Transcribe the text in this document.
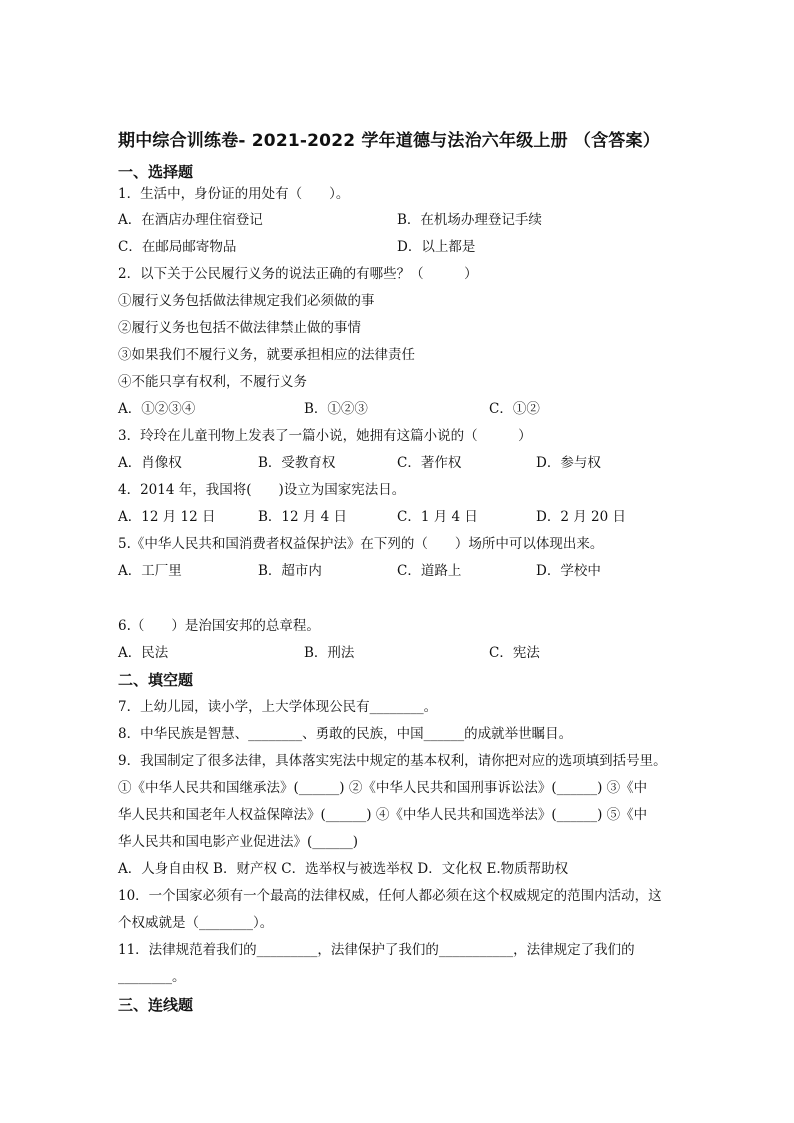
期中综合训练卷- 2021-2022 学年道德与法治六年级上册 （含答案）
一、选择题
1．生活中，身份证的用处有（　　）。
A．在酒店办理住宿登记	B．在机场办理登记手续
C．在邮局邮寄物品	D．以上都是
2．以下关于公民履行义务的说法正确的有哪些？（　　　）
①履行义务包括做法律规定我们必须做的事
②履行义务也包括不做法律禁止做的事情
③如果我们不履行义务，就要承担相应的法律责任
④不能只享有权利，不履行义务
A．①②③④	B．①②③	C．①②
3．玲玲在儿童刊物上发表了一篇小说，她拥有这篇小说的（　　　）
A．肖像权	B．受教育权	C．著作权	D．参与权
4．2014 年，我国将(　　)设立为国家宪法日。
A．12 月 12 日	B．12 月 4 日	C．1 月 4 日	D．2 月 20 日
5.《中华人民共和国消费者权益保护法》在下列的（　　）场所中可以体现出来。
A．工厂里	B．超市内	C．道路上	D．学校中
6.（　　）是治国安邦的总章程。
A．民法	B．刑法	C．宪法
二、填空题
7．上幼儿园，读小学，上大学体现公民有________。
8．中华民族是智慧、________、勇敢的民族，中国______的成就举世瞩目。
9．我国制定了很多法律，具体落实宪法中规定的基本权利，请你把对应的选项填到括号里。
①《中华人民共和国继承法》(______) ②《中华人民共和国刑事诉讼法》(______) ③《中
华人民共和国老年人权益保障法》(______) ④《中华人民共和国选举法》(______) ⑤《中
华人民共和国电影产业促进法》(______)
A．人身自由权 B．财产权 C．选举权与被选举权 D．文化权 E.物质帮助权
10．一个国家必须有一个最高的法律权威，任何人都必须在这个权威规定的范围内活动，这
个权威就是（________）。
11．法律规范着我们的_________，法律保护了我们的___________，法律规定了我们的
________。
三、连线题
